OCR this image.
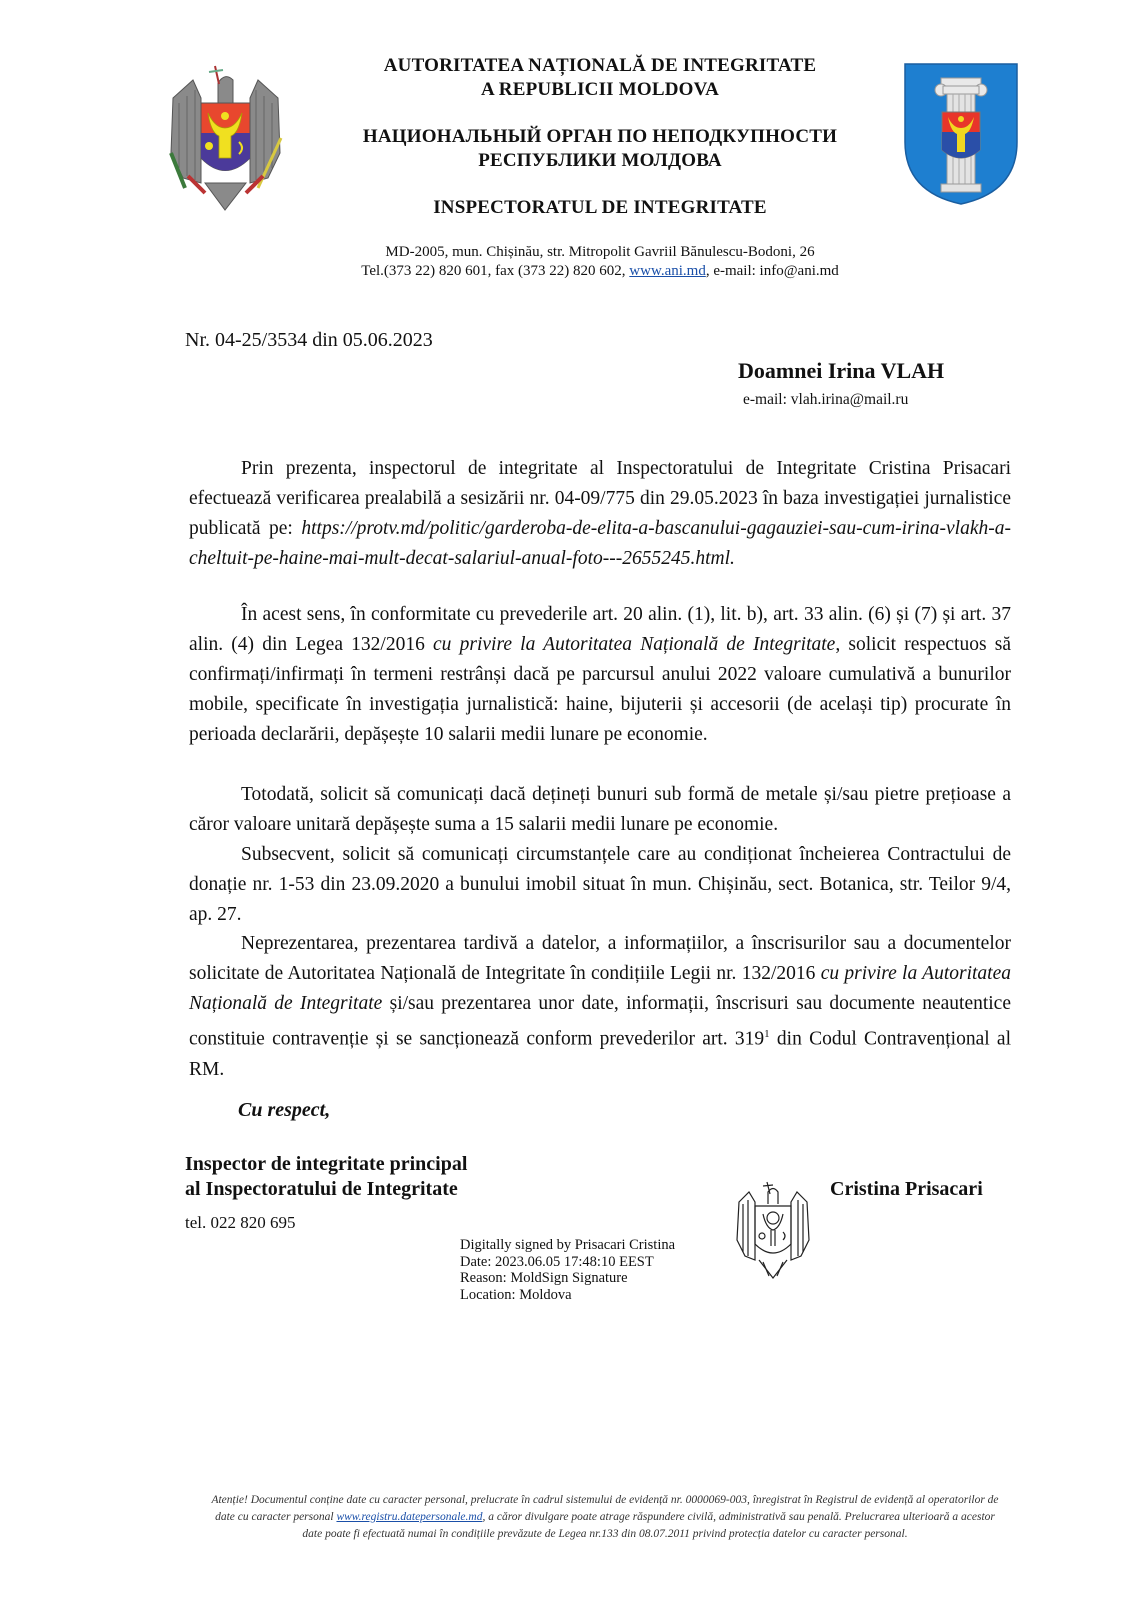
AUTORITATEA NAȚIONALĂ DE INTEGRITATE
A REPUBLICII MOLDOVA
НАЦИОНАЛЬНЫЙ ОРГАН ПО НЕПОДКУПНОСТИ
РЕСПУБЛИКИ МОЛДОВА
INSPECTORATUL DE INTEGRITATE
MD-2005, mun. Chișinău, str. Mitropolit Gavriil Bănulescu-Bodoni, 26
Tel.(373 22) 820 601, fax (373 22) 820 602, www.ani.md, e-mail: info@ani.md
Nr. 04-25/3534 din 05.06.2023
Doamnei Irina VLAH
e-mail: vlah.irina@mail.ru
Prin prezenta, inspectorul de integritate al Inspectoratului de Integritate Cristina Prisacari efectuează verificarea prealabilă a sesizării nr. 04-09/775 din 29.05.2023 în baza investigației jurnalistice publicată pe: https://protv.md/politic/garderoba-de-elita-a-bascanului-gagauziei-sau-cum-irina-vlakh-a-cheltuit-pe-haine-mai-mult-decat-salariul-anual-foto---2655245.html.
În acest sens, în conformitate cu prevederile art. 20 alin. (1), lit. b), art. 33 alin. (6) și (7) și art. 37 alin. (4) din Legea 132/2016 cu privire la Autoritatea Națională de Integritate, solicit respectuos să confirmați/infirmați în termeni restrânși dacă pe parcursul anului 2022 valoare cumulativă a bunurilor mobile, specificate în investigația jurnalistică: haine, bijuterii și accesorii (de același tip) procurate în perioada declarării, depășește 10 salarii medii lunare pe economie.
Totodată, solicit să comunicați dacă dețineți bunuri sub formă de metale și/sau pietre prețioase a căror valoare unitară depășește suma a 15 salarii medii lunare pe economie.
Subsecvent, solicit să comunicați circumstanțele care au condiționat încheierea Contractului de donație nr. 1-53 din 23.09.2020 a bunului imobil situat în mun. Chișinău, sect. Botanica, str. Teilor 9/4, ap. 27.
Neprezentarea, prezentarea tardivă a datelor, a informațiilor, a înscrisurilor sau a documentelor solicitate de Autoritatea Națională de Integritate în condițiile Legii nr. 132/2016 cu privire la Autoritatea Națională de Integritate și/sau prezentarea unor date, informații, înscrisuri sau documente neautentice constituie contravenție și se sancționează conform prevederilor art. $319^1$ din Codul Contravențional al RM.
Cu respect,
Inspector de integritate principal
al Inspectoratului de Integritate
tel. 022 820 695
Digitally signed by Prisacari Cristina
Date: 2023.06.05 17:48:10 EEST
Reason: MoldSign Signature
Location: Moldova
Cristina Prisacari
Atenție! Documentul conține date cu caracter personal, prelucrate în cadrul sistemului de evidență nr. 0000069-003, înregistrat în Registrul de evidență al operatorilor de date cu caracter personal www.registru.datepersonale.md, a căror divulgare poate atrage răspundere civilă, administrativă sau penală. Prelucrarea ulterioară a acestor date poate fi efectuată numai în condițiile prevăzute de Legea nr.133 din 08.07.2011 privind protecția datelor cu caracter personal.
